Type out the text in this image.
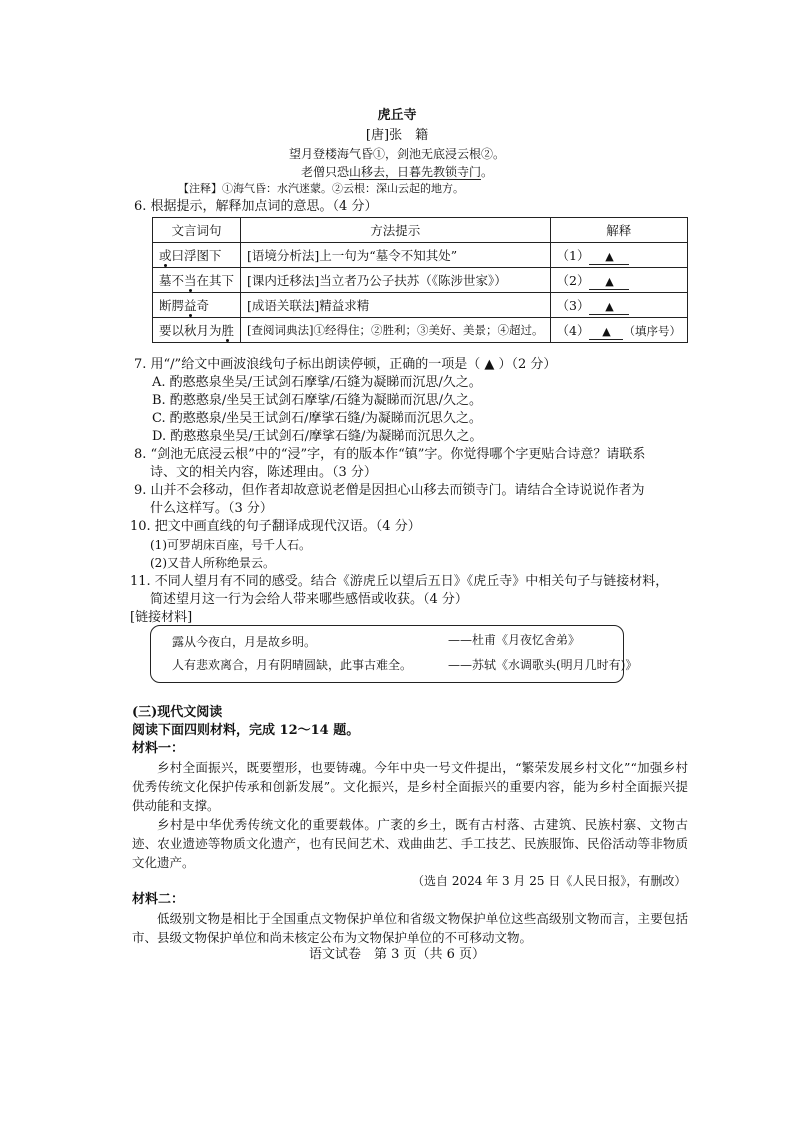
虎丘寺
[唐]张　籍
望月登楼海气昏①，剑池无底浸云根②。
老僧只恐山移去，日暮先教锁寺门。
【注释】①海气昏：水汽迷蒙。②云根：深山云起的地方。
6. 根据提示，解释加点词的意思。（4 分）
文言词句	方法提示	解释
或曰浮图下	[语境分析法]上一句为“墓令不知其处”	（1） ▲
墓不当在其下	[课内迁移法]当立者乃公子扶苏（《陈涉世家》）	（2） ▲
断腭益奇	[成语关联法]精益求精	（3） ▲
要以秋月为胜	[查阅词典法]①经得住；②胜利；③美好、美景；④超过。	（4） ▲ （填序号）
7. 用“/”给文中画波浪线句子标出朗读停顿，正确的一项是（ ▲ ）（2 分）
A. 酌憨憨泉坐吴/王试剑石摩挲/石缝为凝睇而沉思/久之。
B. 酌憨憨泉/坐吴王试剑石摩挲/石缝为凝睇而沉思/久之。
C. 酌憨憨泉/坐吴王试剑石/摩挲石缝/为凝睇而沉思久之。
D. 酌憨憨泉坐吴/王试剑石/摩挲石缝/为凝睇而沉思久之。
8. “剑池无底浸云根”中的“浸”字，有的版本作“镇”字。你觉得哪个字更贴合诗意？请联系
诗、文的相关内容，陈述理由。（3 分）
9. 山并不会移动，但作者却故意说老僧是因担心山移去而锁寺门。请结合全诗说说作者为
什么这样写。（3 分）
10. 把文中画直线的句子翻译成现代汉语。（4 分）
(1)可罗胡床百座，号千人石。
(2)又昔人所称绝景云。
11. 不同人望月有不同的感受。结合《游虎丘以望后五日》《虎丘寺》中相关句子与链接材料，
简述望月这一行为会给人带来哪些感悟或收获。（4 分）
[链接材料]
露从今夜白，月是故乡明。	——杜甫《月夜忆舍弟》
人有悲欢离合，月有阴晴圆缺，此事古难全。	——苏轼《水调歌头(明月几时有)》
(三)现代文阅读
阅读下面四则材料，完成 12～14 题。
材料一：
乡村全面振兴，既要塑形，也要铸魂。今年中央一号文件提出，“繁荣发展乡村文化”“加强乡村优秀传统文化保护传承和创新发展”。文化振兴，是乡村全面振兴的重要内容，能为乡村全面振兴提供动能和支撑。
乡村是中华优秀传统文化的重要载体。广袤的乡土，既有古村落、古建筑、民族村寨、文物古迹、农业遗迹等物质文化遗产，也有民间艺术、戏曲曲艺、手工技艺、民族服饰、民俗活动等非物质文化遗产。
（选自 2024 年 3 月 25 日《人民日报》，有删改）
材料二：
低级别文物是相比于全国重点文物保护单位和省级文物保护单位这些高级别文物而言，主要包括市、县级文物保护单位和尚未核定公布为文物保护单位的不可移动文物。
语文试卷　第 3 页（共 6 页）
